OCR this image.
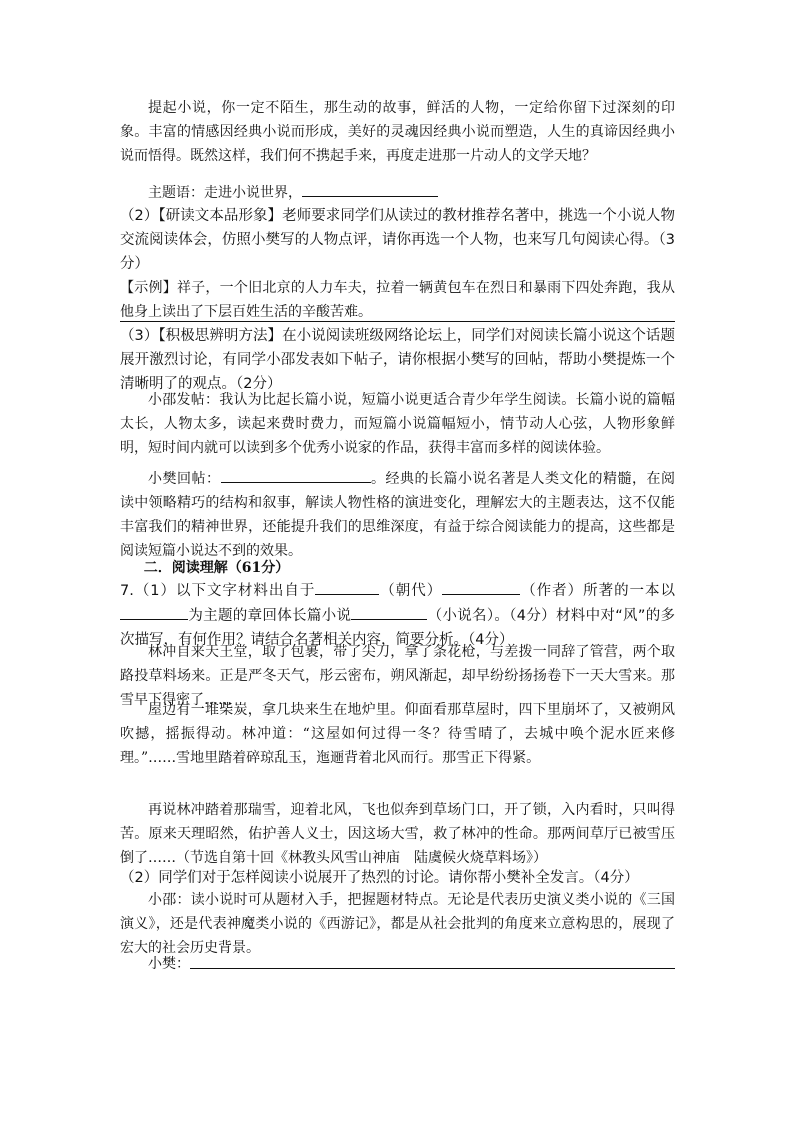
提起小说，你一定不陌生，那生动的故事，鲜活的人物，一定给你留下过深刻的印象。丰富的情感因经典小说而形成，美好的灵魂因经典小说而塑造，人生的真谛因经典小说而悟得。既然这样，我们何不携起手来，再度走进那一片动人的文学天地？

主题语：走进小说世界，

（2）【研读文本品形象】老师要求同学们从读过的教材推荐名著中，挑选一个小说人物交流阅读体会，仿照小樊写的人物点评，请你再选一个人物，也来写几句阅读心得。（3分）

【示例】祥子，一个旧北京的人力车夫，拉着一辆黄包车在烈日和暴雨下四处奔跑，我从他身上读出了下层百姓生活的辛酸苦难。

（3）【积极思辨明方法】在小说阅读班级网络论坛上，同学们对阅读长篇小说这个话题展开激烈讨论，有同学小邵发表如下帖子，请你根据小樊写的回帖，帮助小樊提炼一个清晰明了的观点。（2分）

小邵发帖：我认为比起长篇小说，短篇小说更适合青少年学生阅读。长篇小说的篇幅太长，人物太多，读起来费时费力，而短篇小说篇幅短小，情节动人心弦，人物形象鲜明，短时间内就可以读到多个优秀小说家的作品，获得丰富而多样的阅读体验。

小樊回帖：	。经典的长篇小说名著是人类文化的精髓，在阅读中领略精巧的结构和叙事，解读人物性格的演进变化，理解宏大的主题表达，这不仅能丰富我们的精神世界，还能提升我们的思维深度，有益于综合阅读能力的提高，这些都是阅读短篇小说达不到的效果。

二．阅读理解（61分）

7.（1）以下文字材料出自于	（朝代）	（作者）所著的一本以为主题的章回体长篇小说	（小说名）。（4分）材料中对“风”的多次描写，有何作用？请结合名著相关内容，简要分析。（4分）

林冲自来天王堂，取了包裹，带了尖刀，拿了条花枪，与差拨一同辞了管营，两个取路投草料场来。正是严冬天气，彤云密布，朔风渐起，却早纷纷扬扬卷下一天大雪来。那雪早下得密了……

屋边有一堆柴炭，拿几块来生在地炉里。仰面看那草屋时，四下里崩坏了，又被朔风吹撼，摇振得动。林冲道：“这屋如何过得一冬？待雪晴了，去城中唤个泥水匠来修理。”……雪地里踏着碎琼乱玉，迤逦背着北风而行。那雪正下得紧。

再说林冲踏着那瑞雪，迎着北风，飞也似奔到草场门口，开了锁，入内看时，只叫得苦。原来天理昭然，佑护善人义士，因这场大雪，救了林冲的性命。那两间草厅已被雪压倒了……（节选自第十回《林教头风雪山神庙　陆虞候火烧草料场》）

（2）同学们对于怎样阅读小说展开了热烈的讨论。请你帮小樊补全发言。（4分）

小邵：读小说时可从题材入手，把握题材特点。无论是代表历史演义类小说的《三国演义》，还是代表神魔类小说的《西游记》，都是从社会批判的角度来立意构思的，展现了宏大的社会历史背景。

小樊：
